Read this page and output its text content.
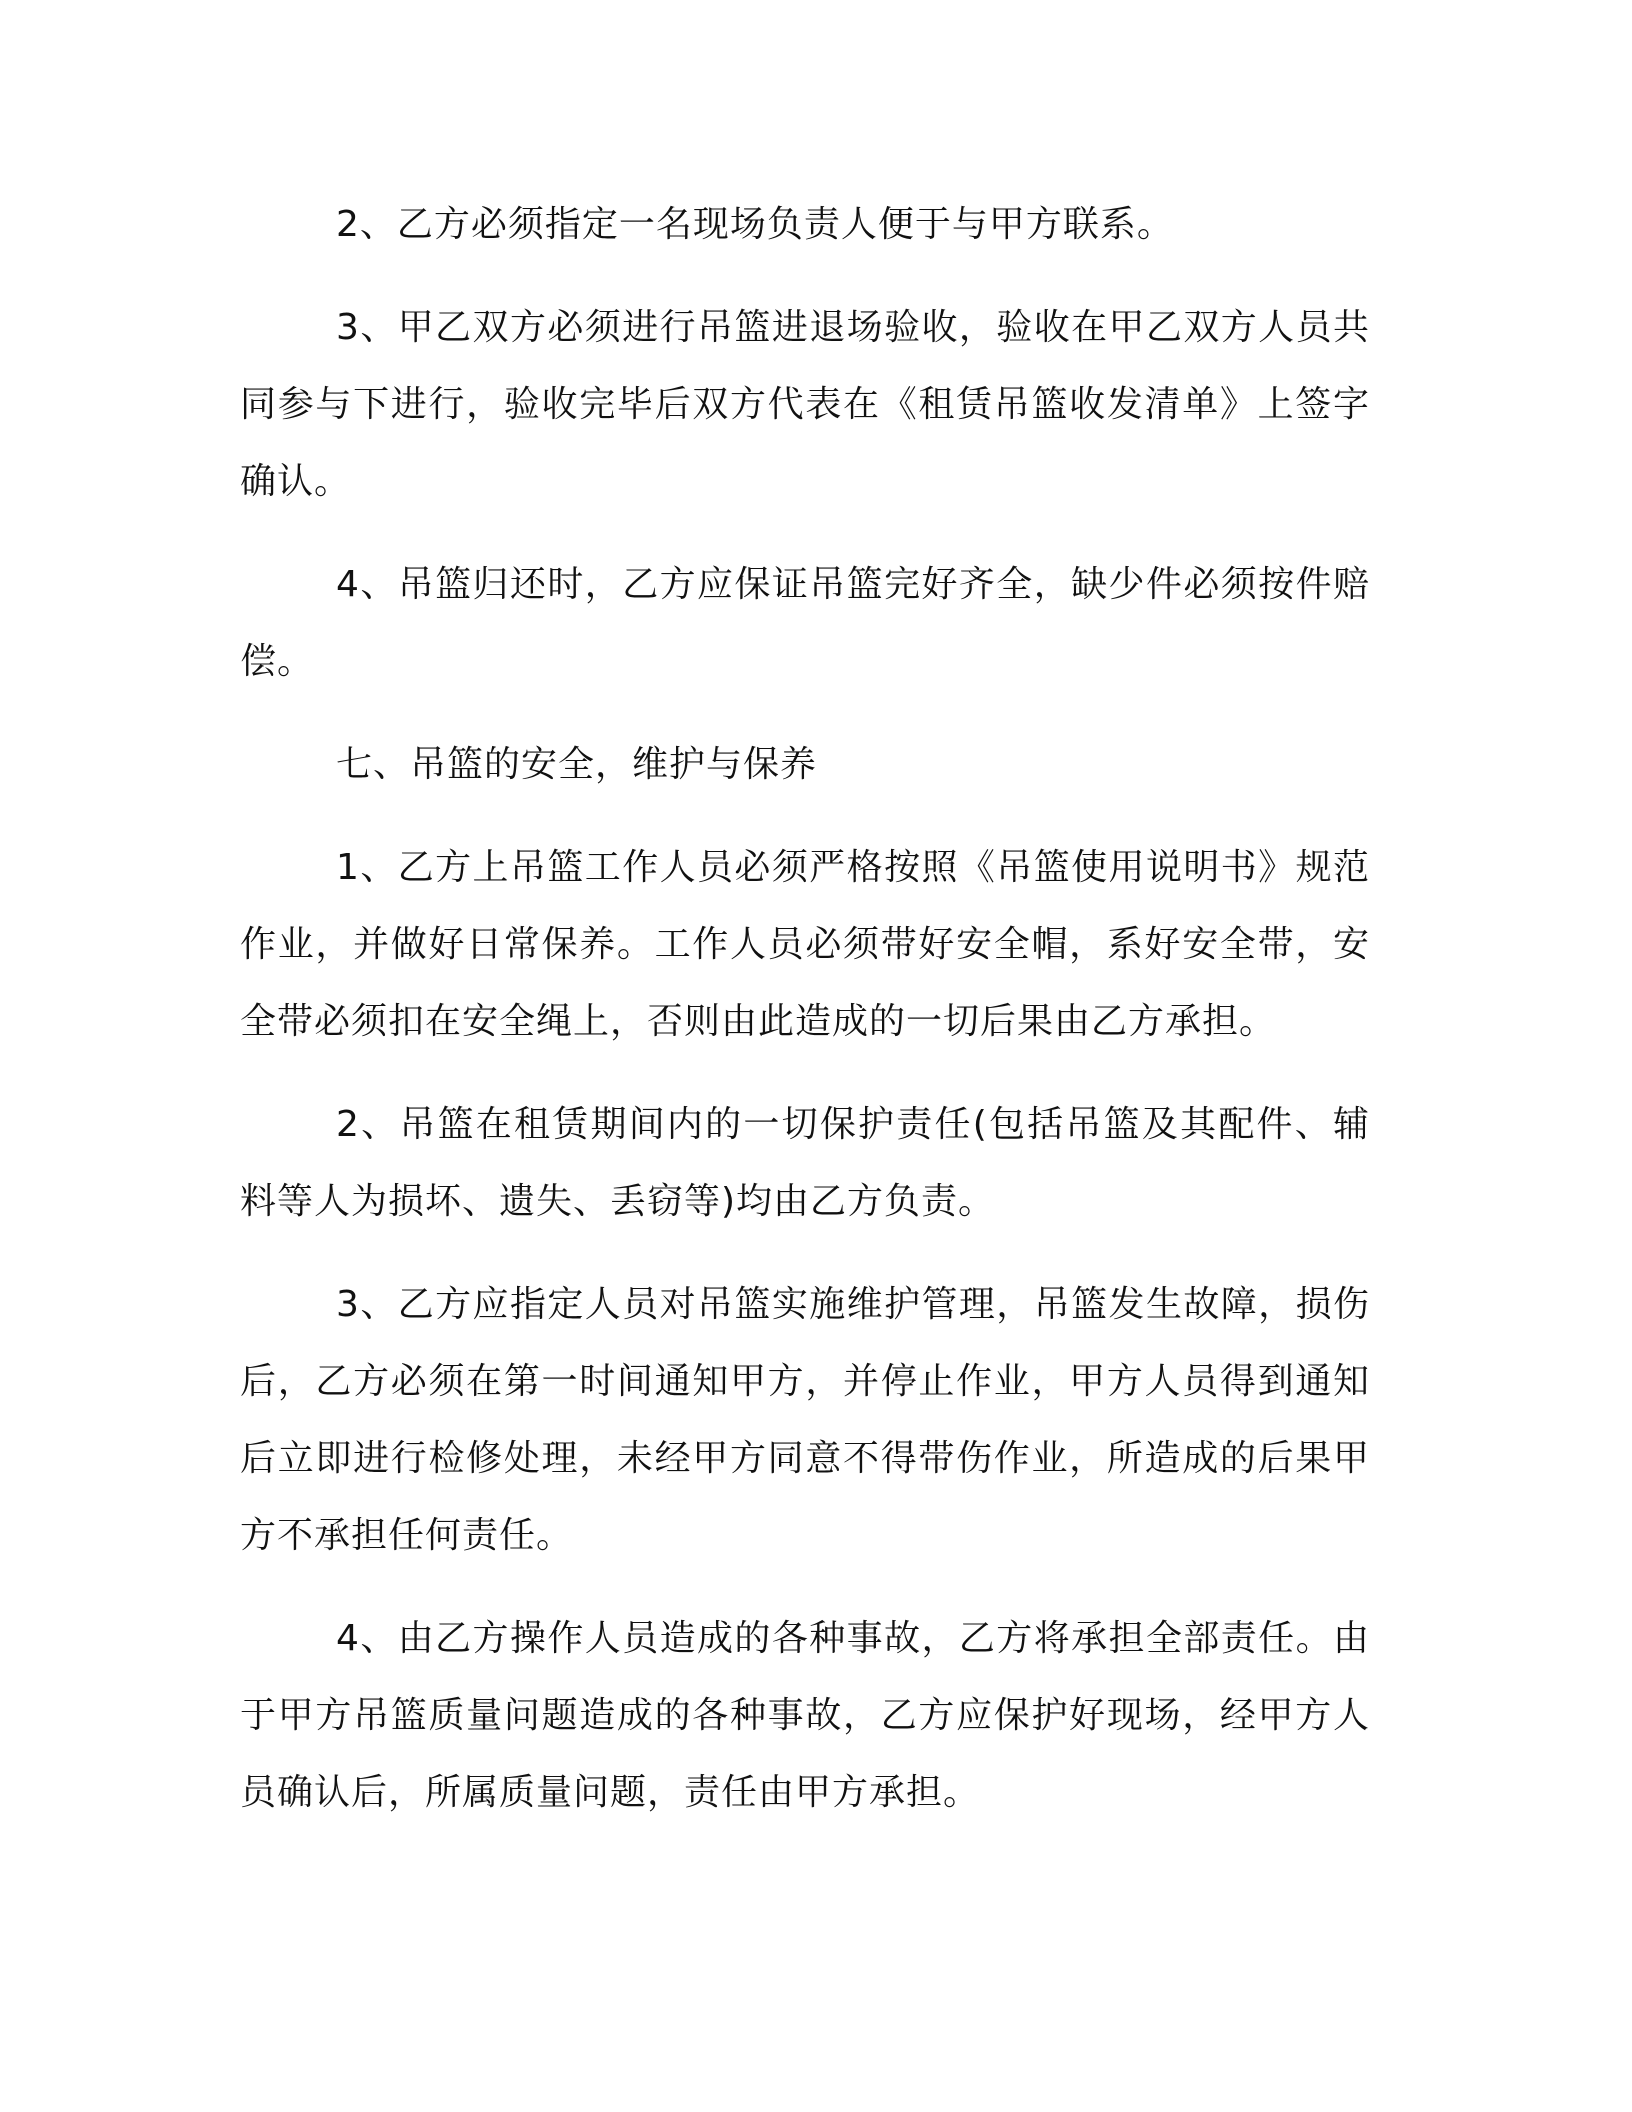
2、乙方必须指定一名现场负责人便于与甲方联系。

3、甲乙双方必须进行吊篮进退场验收，验收在甲乙双方人员共同参与下进行，验收完毕后双方代表在《租赁吊篮收发清单》上签字确认。

4、吊篮归还时，乙方应保证吊篮完好齐全，缺少件必须按件赔偿。

七、吊篮的安全，维护与保养

1、乙方上吊篮工作人员必须严格按照《吊篮使用说明书》规范作业，并做好日常保养。工作人员必须带好安全帽，系好安全带，安全带必须扣在安全绳上，否则由此造成的一切后果由乙方承担。

2、吊篮在租赁期间内的一切保护责任(包括吊篮及其配件、辅料等人为损坏、遗失、丢窃等)均由乙方负责。

3、乙方应指定人员对吊篮实施维护管理，吊篮发生故障，损伤后，乙方必须在第一时间通知甲方，并停止作业，甲方人员得到通知后立即进行检修处理，未经甲方同意不得带伤作业，所造成的后果甲方不承担任何责任。

4、由乙方操作人员造成的各种事故，乙方将承担全部责任。由于甲方吊篮质量问题造成的各种事故，乙方应保护好现场，经甲方人员确认后，所属质量问题，责任由甲方承担。
